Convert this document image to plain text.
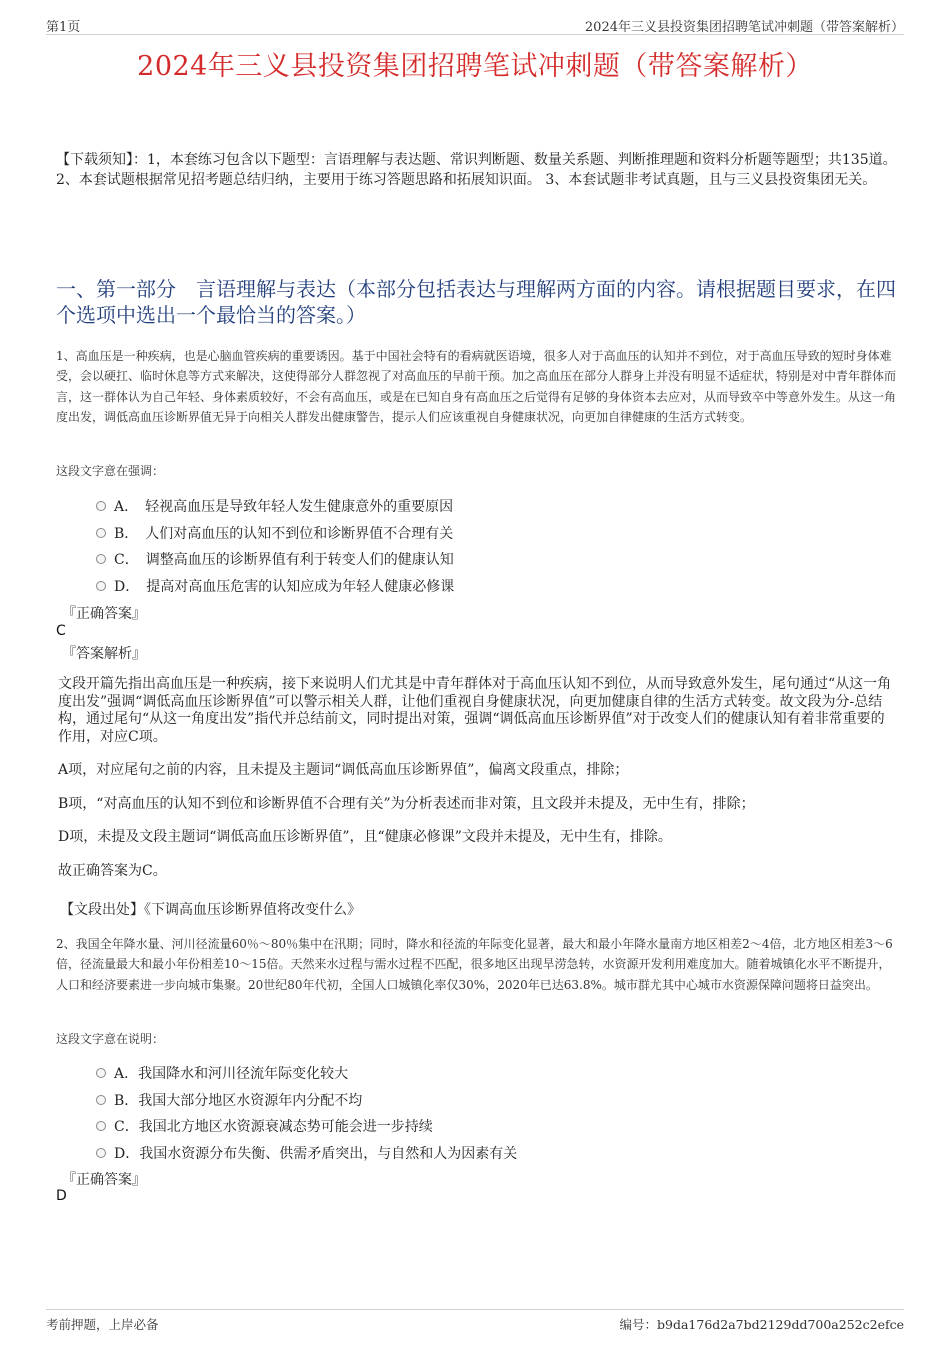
第1页	2024年三义县投资集团招聘笔试冲刺题（带答案解析）
2024年三义县投资集团招聘笔试冲刺题（带答案解析）
【下载须知】：1，本套练习包含以下题型：言语理解与表达题、常识判断题、数量关系题、判断推理题和资料分析题等题型；共135道。 2、本套试题根据常见招考题总结归纳，主要用于练习答题思路和拓展知识面。 3、本套试题非考试真题，且与三义县投资集团无关。
一、第一部分　言语理解与表达（本部分包括表达与理解两方面的内容。请根据题目要求，在四个选项中选出一个最恰当的答案。）
1、高血压是一种疾病，也是心脑血管疾病的重要诱因。基于中国社会特有的看病就医语境，很多人对于高血压的认知并不到位，对于高血压导致的短时身体难受，会以硬扛、临时休息等方式来解决，这使得部分人群忽视了对高血压的早前干预。加之高血压在部分人群身上并没有明显不适症状，特别是对中青年群体而言，这一群体认为自己年轻、身体素质较好，不会有高血压，或是在已知自身有高血压之后觉得有足够的身体资本去应对，从而导致卒中等意外发生。从这一角度出发，调低高血压诊断界值无异于向相关人群发出健康警告，提示人们应该重视自身健康状况，向更加自律健康的生活方式转变。
这段文字意在强调：
A．　轻视高血压是导致年轻人发生健康意外的重要原因
B．　人们对高血压的认知不到位和诊断界值不合理有关
C．　调整高血压的诊断界值有利于转变人们的健康认知
D．　提高对高血压危害的认知应成为年轻人健康必修课
『正确答案』
C
『答案解析』

文段开篇先指出高血压是一种疾病，接下来说明人们尤其是中青年群体对于高血压认知不到位，从而导致意外发生，尾句通过“从这一角度出发”强调“调低高血压诊断界值”可以警示相关人群，让他们重视自身健康状况，向更加健康自律的生活方式转变。故文段为分-总结构，通过尾句“从这一角度出发”指代并总结前文，同时提出对策，强调“调低高血压诊断界值”对于改变人们的健康认知有着非常重要的作用，对应C项。

A项，对应尾句之前的内容，且未提及主题词“调低高血压诊断界值”，偏离文段重点，排除；

B项，“对高血压的认知不到位和诊断界值不合理有关”为分析表述而非对策，且文段并未提及，无中生有，排除；

D项，未提及文段主题词“调低高血压诊断界值”，且“健康必修课”文段并未提及，无中生有，排除。

故正确答案为C。

【文段出处】《下调高血压诊断界值将改变什么》
2、我国全年降水量、河川径流量60％～80％集中在汛期；同时，降水和径流的年际变化显著，最大和最小年降水量南方地区相差2～4倍，北方地区相差3～6倍，径流量最大和最小年份相差10～15倍。天然来水过程与需水过程不匹配，很多地区出现旱涝急转，水资源开发利用难度加大。随着城镇化水平不断提升，人口和经济要素进一步向城市集聚。20世纪80年代初，全国人口城镇化率仅30%，2020年已达63.8%。城市群尤其中心城市水资源保障问题将日益突出。
这段文字意在说明：
A．我国降水和河川径流年际变化较大
B．我国大部分地区水资源年内分配不均
C．我国北方地区水资源衰减态势可能会进一步持续
D．我国水资源分布失衡、供需矛盾突出，与自然和人为因素有关
『正确答案』
D
考前押题，上岸必备	编号：b9da176d2a7bd2129dd700a252c2efce
